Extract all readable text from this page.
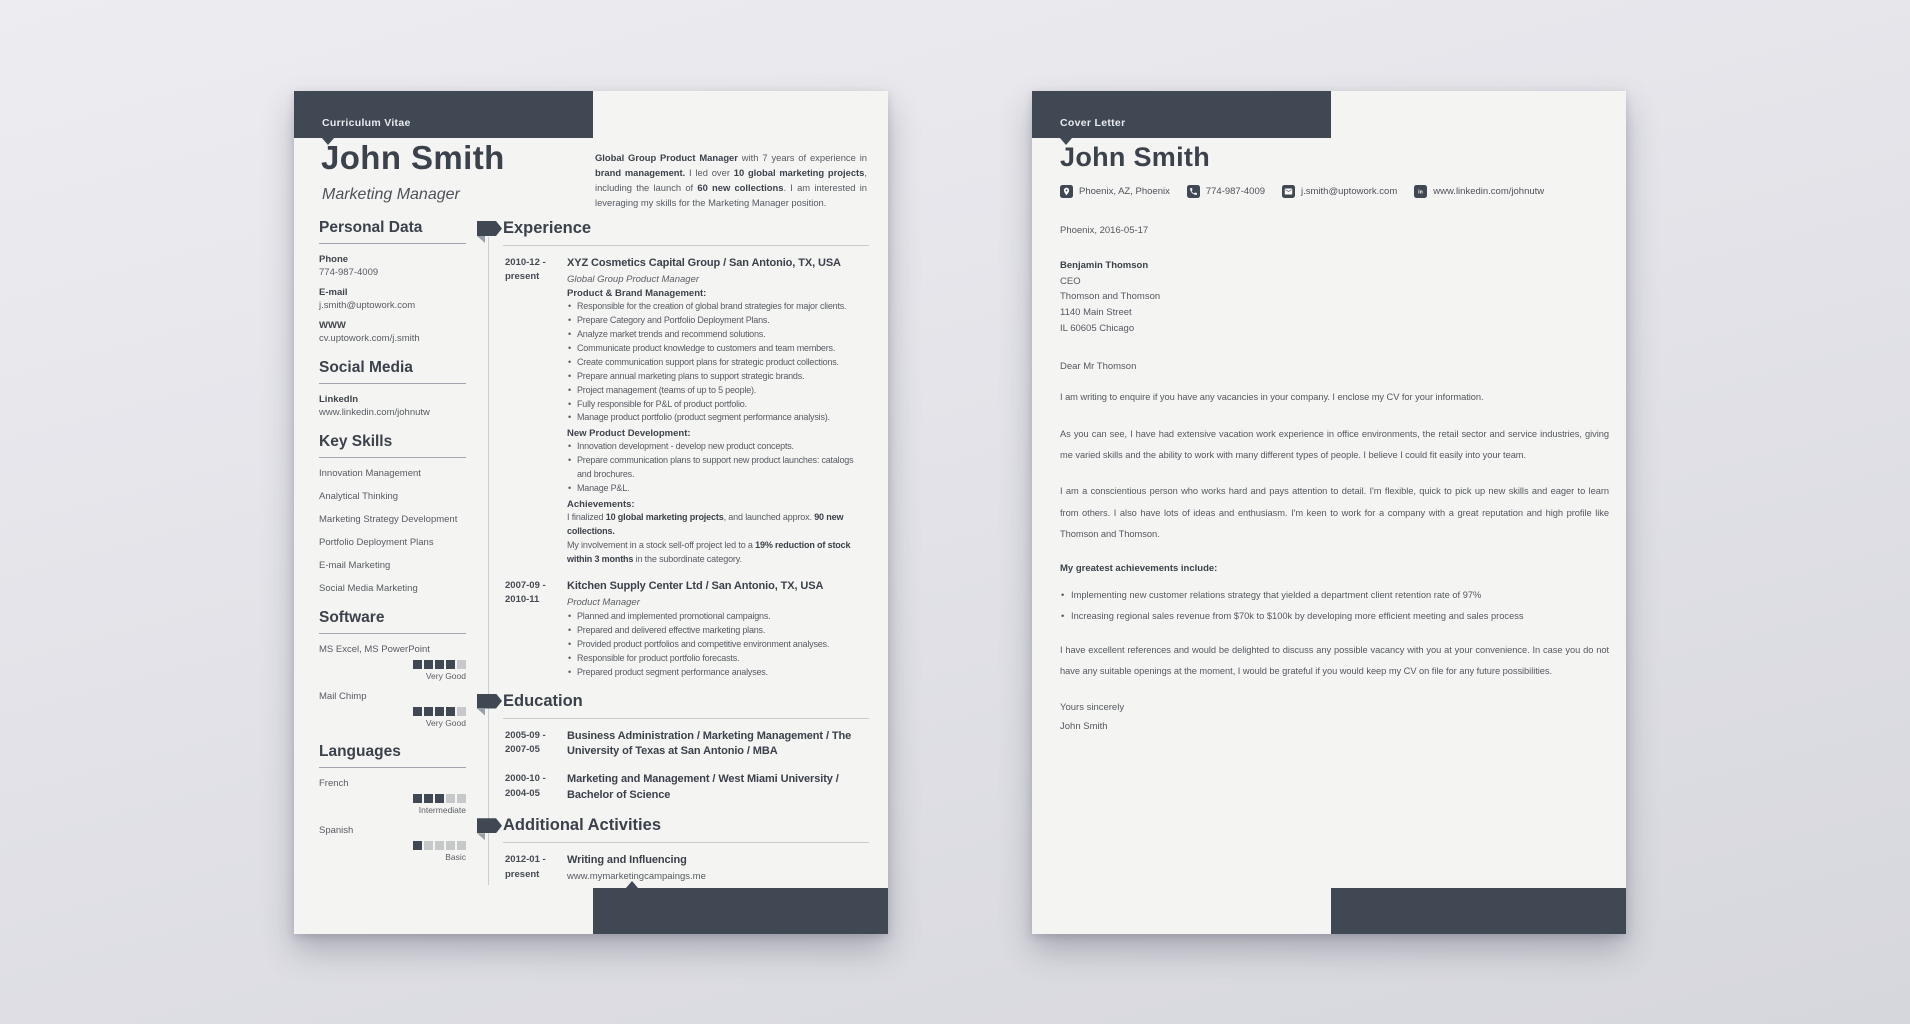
Curriculum Vitae
John Smith
Marketing Manager

Global Group Product Manager with 7 years of experience in brand management. I led over 10 global marketing projects, including the launch of 60 new collections. I am interested in leveraging my skills for the Marketing Manager position.

Personal Data
Phone
774-987-4009
E-mail
j.smith@uptowork.com
WWW
cv.uptowork.com/j.smith
Social Media
LinkedIn
www.linkedin.com/johnutw
Key Skills
Innovation Management
Analytical Thinking
Marketing Strategy Development
Portfolio Deployment Plans
E-mail Marketing
Social Media Marketing
Software
MS Excel, MS PowerPoint
Very Good
Mail Chimp
Very Good
Languages
French
Intermediate
Spanish
Basic
Experience
2010-12 -
present
XYZ Cosmetics Capital Group / San Antonio, TX, USA
Global Group Product Manager
Product & Brand Management:
• Responsible for the creation of global brand strategies for major clients.
• Prepare Category and Portfolio Deployment Plans.
• Analyze market trends and recommend solutions.
• Communicate product knowledge to customers and team members.
• Create communication support plans for strategic product collections.
• Prepare annual marketing plans to support strategic brands.
• Project management (teams of up to 5 people).
• Fully responsible for P&L of product portfolio.
• Manage product portfolio (product segment performance analysis).
New Product Development:
• Innovation development - develop new product concepts.
• Prepare communication plans to support new product launches: catalogs and brochures.
• Manage P&L.
Achievements:
I finalized 10 global marketing projects, and launched approx. 90 new collections.
My involvement in a stock sell-off project led to a 19% reduction of stock within 3 months in the subordinate category.
2007-09 -
2010-11
Kitchen Supply Center Ltd / San Antonio, TX, USA
Product Manager
• Planned and implemented promotional campaigns.
• Prepared and delivered effective marketing plans.
• Provided product portfolios and competitive environment analyses.
• Responsible for product portfolio forecasts.
• Prepared product segment performance analyses.
Education
2005-09 -
2007-05
Business Administration / Marketing Management / The University of Texas at San Antonio / MBA
2000-10 -
2004-05
Marketing and Management / West Miami University / Bachelor of Science
Additional Activities
2012-01 -
present
Writing and Influencing
www.mymarketingcampaings.me
Cover Letter
John Smith
Phoenix, AZ, Phoenix	774-987-4009	j.smith@uptowork.com in www.linkedin.com/johnutw
Phoenix, 2016-05-17
Benjamin Thomson
CEO
Thomson and Thomson
1140 Main Street
IL 60605 Chicago
Dear Mr Thomson

I am writing to enquire if you have any vacancies in your company. I enclose my CV for your information.

As you can see, I have had extensive vacation work experience in office environments, the retail sector and service industries, giving me varied skills and the ability to work with many different types of people. I believe I could fit easily into your team.

I am a conscientious person who works hard and pays attention to detail. I'm flexible, quick to pick up new skills and eager to learn from others. I also have lots of ideas and enthusiasm. I'm keen to work for a company with a great reputation and high profile like Thomson and Thomson.

My greatest achievements include:
• Implementing new customer relations strategy that yielded a department client retention rate of 97%
• Increasing regional sales revenue from $70k to $100k by developing more efficient meeting and sales process

I have excellent references and would be delighted to discuss any possible vacancy with you at your convenience. In case you do not have any suitable openings at the moment, I would be grateful if you would keep my CV on file for any future possibilities.

Yours sincerely
John Smith
